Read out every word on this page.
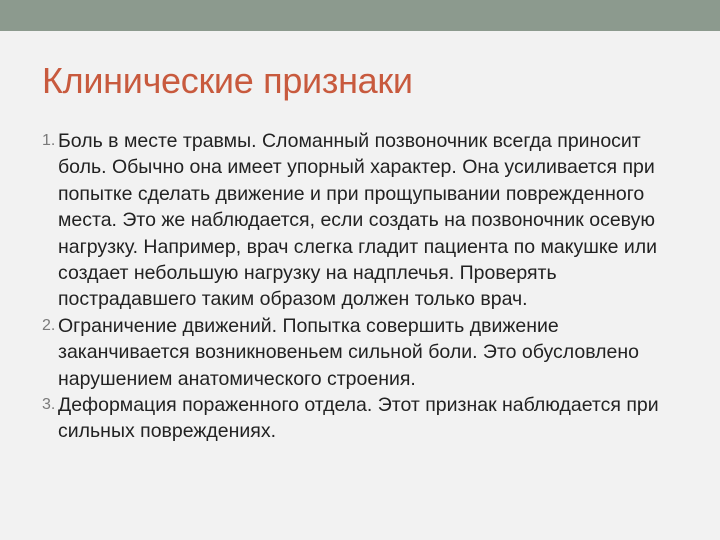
Клинические признаки
1. Боль в месте травмы. Сломанный позвоночник всегда приносит боль. Обычно она имеет упорный характер. Она усиливается при попытке сделать движение и при прощупывании поврежденного места. Это же наблюдается, если создать на позвоночник осевую нагрузку. Например, врач слегка гладит пациента по макушке или создает небольшую нагрузку на надплечья. Проверять пострадавшего таким образом должен только врач.
2. Ограничение движений. Попытка совершить движение заканчивается возникновеньем сильной боли. Это обусловлено нарушением анатомического строения.
3. Деформация пораженного отдела. Этот признак наблюдается при сильных повреждениях.
